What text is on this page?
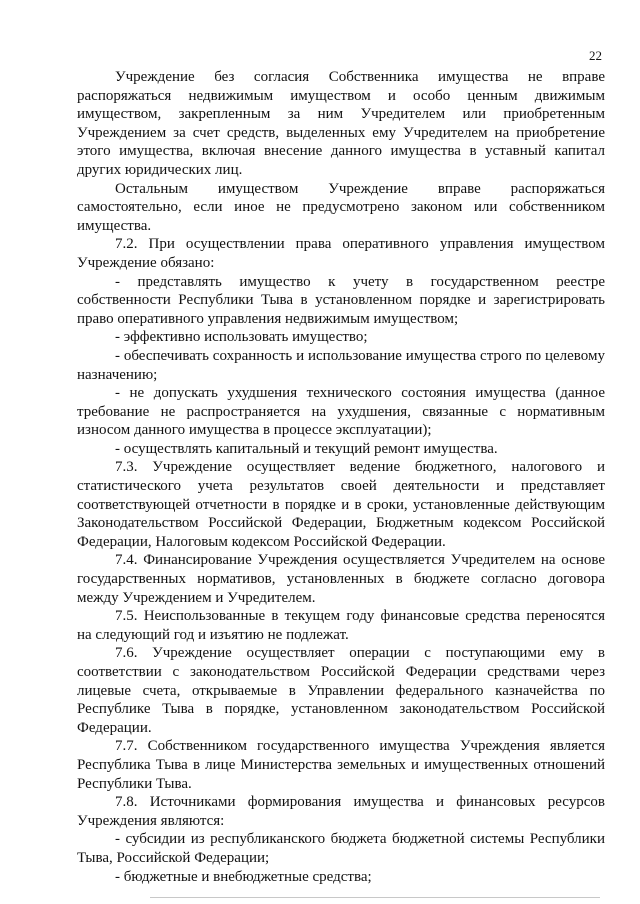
22

Учреждение без согласия Собственника имущества не вправе распоряжаться недвижимым имуществом и особо ценным движимым имуществом, закрепленным за ним Учредителем или приобретенным Учреждением за счет средств, выделенных ему Учредителем на приобретение этого имущества, включая внесение данного имущества в уставный капитал других юридических лиц.

Остальным имуществом Учреждение вправе распоряжаться самостоятельно, если иное не предусмотрено законом или собственником имущества.

7.2. При осуществлении права оперативного управления имуществом Учреждение обязано:

- представлять имущество к учету в государственном реестре собственности Республики Тыва в установленном порядке и зарегистрировать право оперативного управления недвижимым имуществом;

- эффективно использовать имущество;

- обеспечивать сохранность и использование имущества строго по целевому назначению;

- не допускать ухудшения технического состояния имущества (данное требование не распространяется на ухудшения, связанные с нормативным износом данного имущества в процессе эксплуатации);

- осуществлять капитальный и текущий ремонт имущества.

7.3. Учреждение осуществляет ведение бюджетного, налогового и статистического учета результатов своей деятельности и представляет соответствующей отчетности в порядке и в сроки, установленные действующим Законодательством Российской Федерации, Бюджетным кодексом Российской Федерации, Налоговым кодексом Российской Федерации.

7.4. Финансирование Учреждения осуществляется Учредителем на основе государственных нормативов, установленных в бюджете согласно договора между Учреждением и Учредителем.

7.5. Неиспользованные в текущем году финансовые средства переносятся на следующий год и изъятию не подлежат.

7.6. Учреждение осуществляет операции с поступающими ему в соответствии с законодательством Российской Федерации средствами через лицевые счета, открываемые в Управлении федерального казначейства по Республике Тыва в порядке, установленном законодательством Российской Федерации.

7.7. Собственником государственного имущества Учреждения является Республика Тыва в лице Министерства земельных и имущественных отношений Республики Тыва.

7.8. Источниками формирования имущества и финансовых ресурсов Учреждения являются:

- субсидии из республиканского бюджета бюджетной системы Республики Тыва, Российской Федерации;

- бюджетные и внебюджетные средства;
